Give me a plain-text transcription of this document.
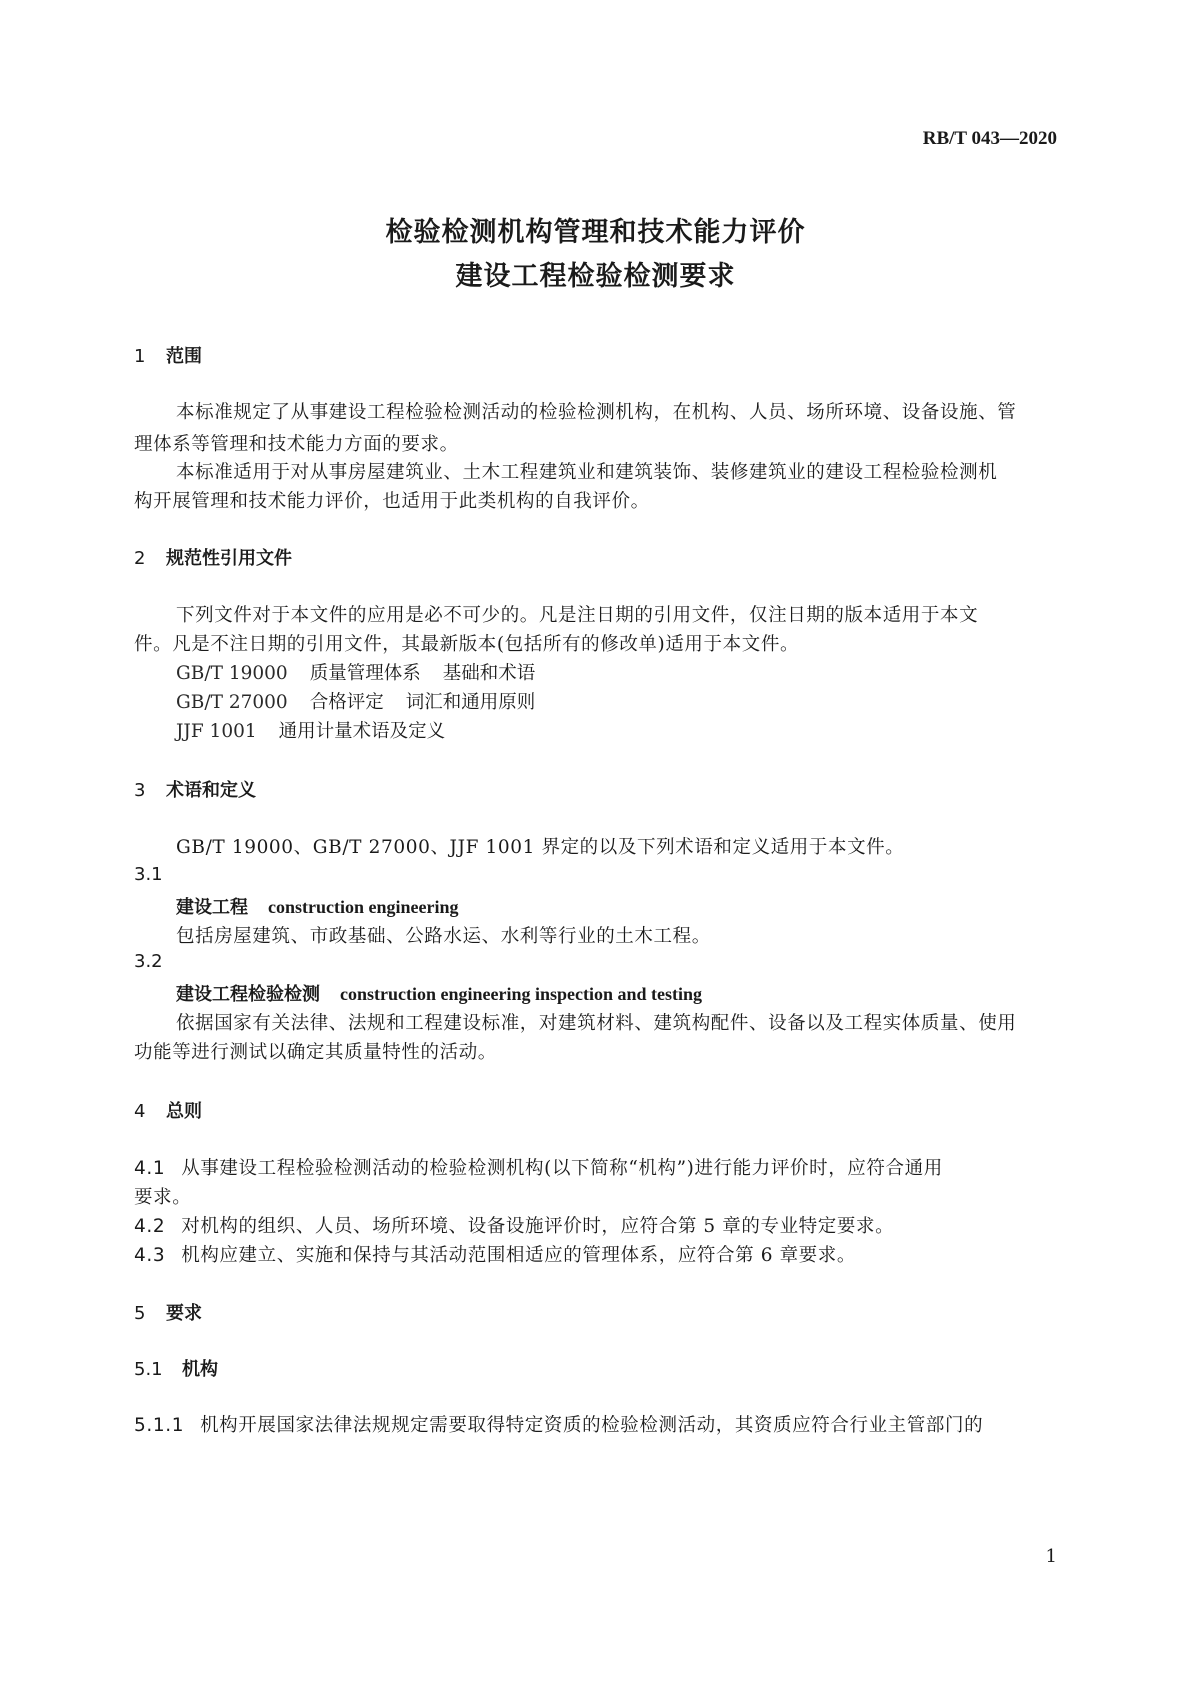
RB/T 043—2020
检验检测机构管理和技术能力评价
建设工程检验检测要求
1 范围
本标准规定了从事建设工程检验检测活动的检验检测机构，在机构、人员、场所环境、设备设施、管
理体系等管理和技术能力方面的要求。
本标准适用于对从事房屋建筑业、土木工程建筑业和建筑装饰、装修建筑业的建设工程检验检测机
构开展管理和技术能力评价，也适用于此类机构的自我评价。
2 规范性引用文件
下列文件对于本文件的应用是必不可少的。凡是注日期的引用文件，仅注日期的版本适用于本文
件。凡是不注日期的引用文件，其最新版本(包括所有的修改单)适用于本文件。
GB/T 19000 质量管理体系 基础和术语
GB/T 27000 合格评定 词汇和通用原则
JJF 1001 通用计量术语及定义
3 术语和定义
GB/T 19000、GB/T 27000、JJF 1001 界定的以及下列术语和定义适用于本文件。
3.1
建设工程 construction engineering
包括房屋建筑、市政基础、公路水运、水利等行业的土木工程。
3.2
建设工程检验检测 construction engineering inspection and testing
依据国家有关法律、法规和工程建设标准，对建筑材料、建筑构配件、设备以及工程实体质量、使用
功能等进行测试以确定其质量特性的活动。
4 总则
4.1 从事建设工程检验检测活动的检验检测机构(以下简称“机构”)进行能力评价时，应符合通用
要求。
4.2 对机构的组织、人员、场所环境、设备设施评价时，应符合第 5 章的专业特定要求。
4.3 机构应建立、实施和保持与其活动范围相适应的管理体系，应符合第 6 章要求。
5 要求
5.1 机构
5.1.1 机构开展国家法律法规规定需要取得特定资质的检验检测活动，其资质应符合行业主管部门的
1
